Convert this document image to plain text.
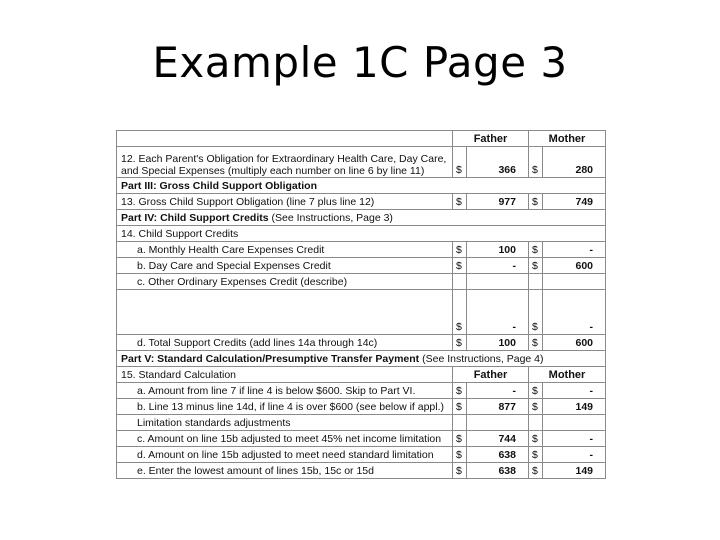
Example 1C Page 3
	Father		Mother	
12. Each Parent's Obligation for Extraordinary Health Care, Day Care, and Special Expenses (multiply each number on line 6 by line 11)	$	366	$	280
Part III: Gross Child Support Obligation				
13. Gross Child Support Obligation (line 7 plus line 12)	$	977	$	749
Part IV: Child Support Credits (See Instructions, Page 3)				
14. Child Support Credits				
a. Monthly Health Care Expenses Credit	$	100	$	-
b. Day Care and Special Expenses Credit	$	-	$	600
c. Other Ordinary Expenses Credit (describe)				
	$	-	$	-
d. Total Support Credits (add lines 14a through 14c)	$	100	$	600
Part V: Standard Calculation/Presumptive Transfer Payment (See Instructions, Page 4)				
15. Standard Calculation	Father		Mother	
a. Amount from line 7 if line 4 is below $600. Skip to Part VI.	$	-	$	-
b. Line 13 minus line 14d, if line 4 is over $600 (see below if appl.)	$	877	$	149
Limitation standards adjustments				
c. Amount on line 15b adjusted to meet 45% net income limitation	$	744	$	-
d. Amount on line 15b adjusted to meet need standard limitation	$	638	$	-
e. Enter the lowest amount of lines 15b, 15c or 15d	$	638	$	149
